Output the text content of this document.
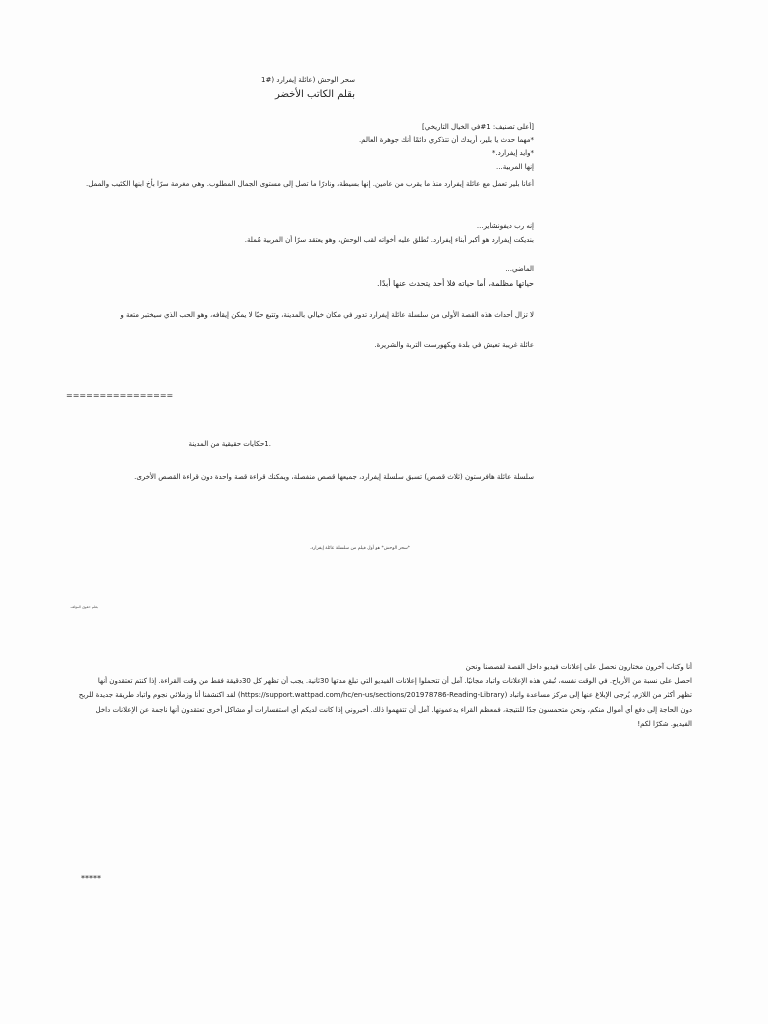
سحر الوحش (عائلة إيفرارد (#1
بقلم الكاتب الأخضر
[أعلى تصنيف: 1#في الخيال التاريخي]
*مهما حدث يا بلير، أريدك أن تتذكري دائمًا أنك جوهرة العالم.
*وايد إيفرارد.*
إنها المربية...
أعانا بلير تعمل مع عائلة إيفرارد منذ ما يقرب من عامين. إنها بسيطة، ونادرًا ما تصل إلى مستوى الجمال المطلوب. وهي مغرمة سرًا بأخ ابنها الكئيب والممل.
إنه رب ديفونشاير...
بنديكت إيفرارد هو أكبر أبناء إيفرارد. تُطلق عليه أخواته لقب الوحش، وهو يعتقد سرًا أن المربية مُملة.
الماضي...
حياتها مظلمة، أما حياته فلا أحد يتحدث عنها أبدًا.
لا تزال أحداث هذه القصة الأولى من سلسلة عائلة إيفرارد تدور في مكان خيالي بالمدينة، وتتبع حبًا لا يمكن إيقافه، وهو الحب الذي سيختبر متعة و
عائلة غريبة تعيش في بلدة ويكهورست التربة والشريرة.
================
.1حكايات حقيقية من المدينة
سلسلة عائلة هافرستون (ثلاث قصص) تسبق سلسلة إيفرارد، جميعها قصص منفصلة، ويمكنك قراءة قصة واحدة دون قراءة القصص الأخرى.
*سحر الوحش* هو أول فيلم من سلسلة عائلة إيفرارد.
بقلم حقوق المؤلف
أنا وكتاب آخرون مختارون نحصل على إعلانات فيديو داخل القصة لقصصنا ونحن
احصل على نسبة من الأرباح. في الوقت نفسه، تُبقي هذه الإعلانات واتباد مجانيًا. آمل أن تتحملوا إعلانات الفيديو التي تبلغ مدتها 30ثانية. يجب أن تظهر كل 30دقيقة فقط من وقت القراءة. إذا كنتم تعتقدون أنها
تظهر أكثر من اللازم، يُرجى الإبلاغ عنها إلى مركز مساعدة واتباد ‎(https://support.wattpad.com/hc/en-us/sections/201978786-Reading-Library)‎ لقد اكتشفنا أنا وزملائي نجوم واتباد طريقة جديدة للربح
دون الحاجة إلى دفع أي أموال منكم، ونحن متحمسون جدًا للنتيجة، فمعظم القراء يدعمونها. آمل أن تتفهموا ذلك. أخبروني إذا كانت لديكم أي استفسارات أو مشاكل أخرى تعتقدون أنها ناجمة عن الإعلانات داخل
الفيديو. شكرًا لكم!
*****
